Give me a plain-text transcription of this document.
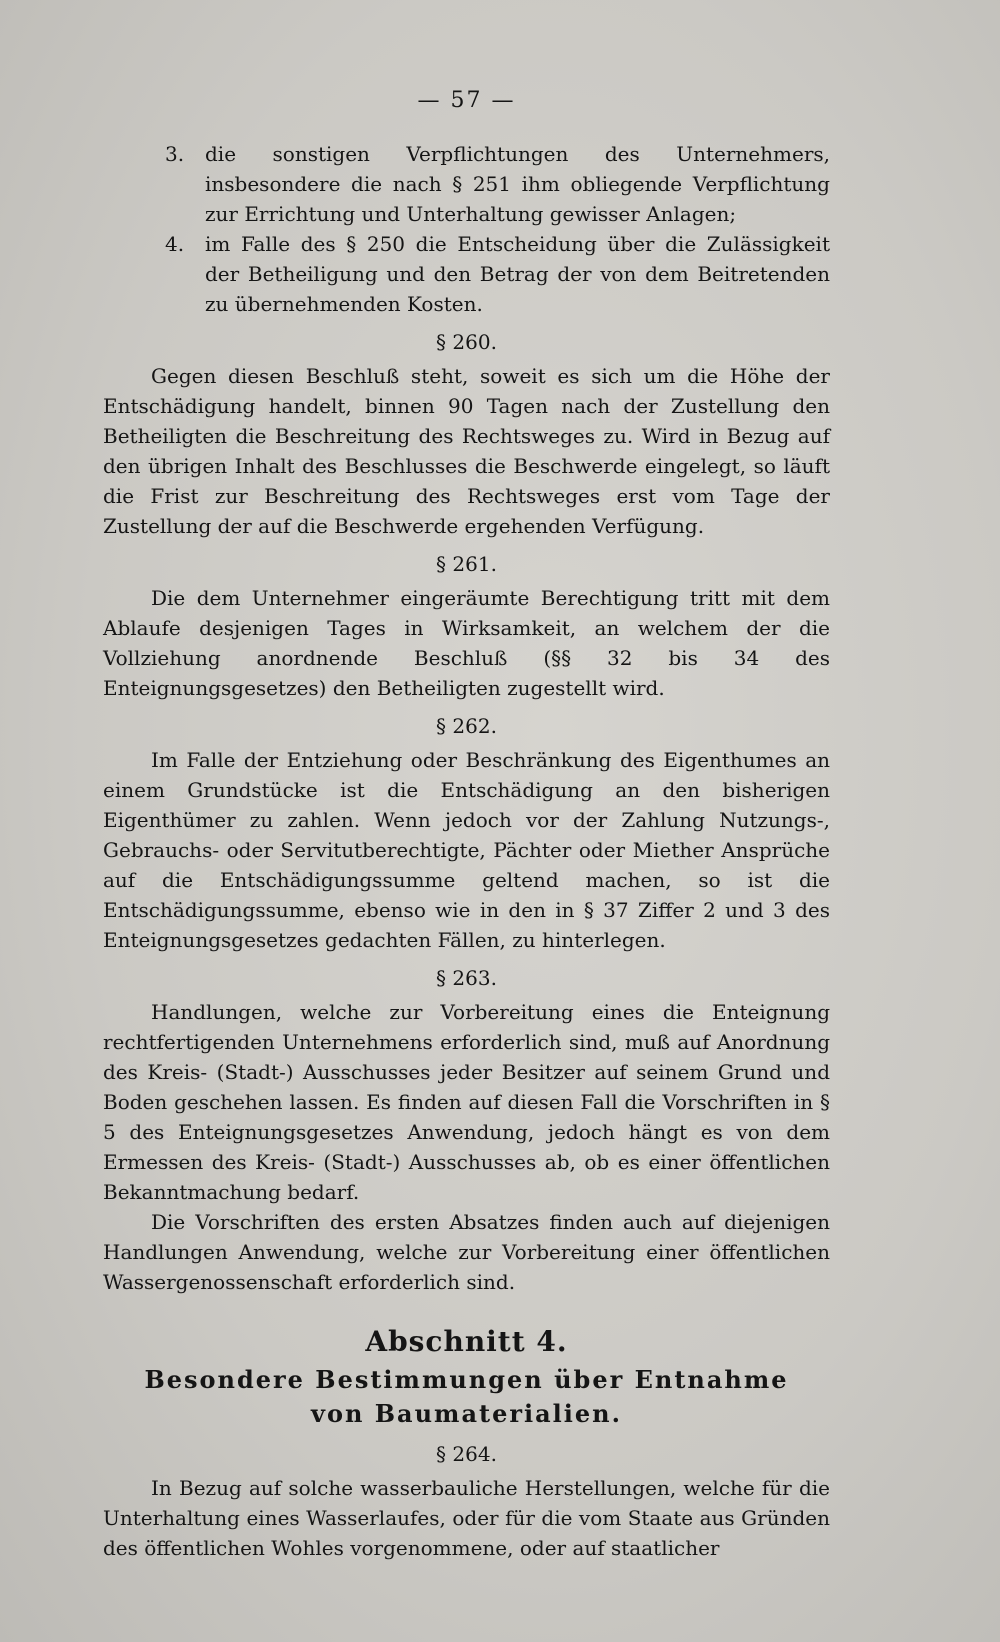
— 57 —
3. die sonstigen Verpflichtungen des Unternehmers, insbesondere die nach § 251 ihm obliegende Verpflichtung zur Errichtung und Unterhaltung gewisser Anlagen;
4. im Falle des § 250 die Entscheidung über die Zulässigkeit der Betheiligung und den Betrag der von dem Beitretenden zu übernehmenden Kosten.
§ 260.

Gegen diesen Beschluß steht, soweit es sich um die Höhe der Entschädigung handelt, binnen 90 Tagen nach der Zustellung den Betheiligten die Beschreitung des Rechtsweges zu. Wird in Bezug auf den übrigen Inhalt des Beschlusses die Beschwerde eingelegt, so läuft die Frist zur Beschreitung des Rechtsweges erst vom Tage der Zustellung der auf die Beschwerde ergehenden Verfügung.

§ 261.

Die dem Unternehmer eingeräumte Berechtigung tritt mit dem Ablaufe desjenigen Tages in Wirksamkeit, an welchem der die Vollziehung anordnende Beschluß (§§ 32 bis 34 des Enteignungsgesetzes) den Betheiligten zugestellt wird.

§ 262.

Im Falle der Entziehung oder Beschränkung des Eigenthumes an einem Grundstücke ist die Entschädigung an den bisherigen Eigenthümer zu zahlen. Wenn jedoch vor der Zahlung Nutzungs-, Gebrauchs- oder Servitutberechtigte, Pächter oder Miether Ansprüche auf die Entschädigungssumme geltend machen, so ist die Entschädigungssumme, ebenso wie in den in § 37 Ziffer 2 und 3 des Enteignungsgesetzes gedachten Fällen, zu hinterlegen.

§ 263.

Handlungen, welche zur Vorbereitung eines die Enteignung rechtfertigenden Unternehmens erforderlich sind, muß auf Anordnung des Kreis- (Stadt-) Ausschusses jeder Besitzer auf seinem Grund und Boden geschehen lassen. Es finden auf diesen Fall die Vorschriften in § 5 des Enteignungsgesetzes Anwendung, jedoch hängt es von dem Ermessen des Kreis- (Stadt-) Ausschusses ab, ob es einer öffentlichen Bekanntmachung bedarf.

Die Vorschriften des ersten Absatzes finden auch auf diejenigen Handlungen Anwendung, welche zur Vorbereitung einer öffentlichen Wassergenossenschaft erforderlich sind.

Abschnitt 4.
Besondere Bestimmungen über Entnahme
von Baumaterialien.
§ 264.

In Bezug auf solche wasserbauliche Herstellungen, welche für die Unterhaltung eines Wasserlaufes, oder für die vom Staate aus Gründen des öffentlichen Wohles vorgenommene, oder auf staatlicher
